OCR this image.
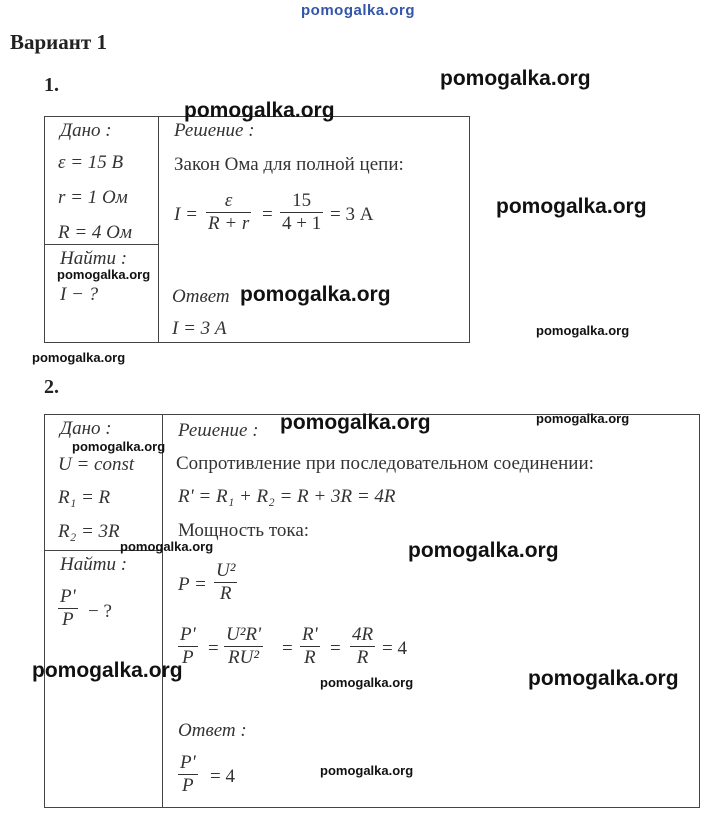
pomogalka.org
Вариант 1
1.
Дано :
ε = 15 В
r = 1 Ом
R = 4 Ом
Найти :
I − ?
Решение :
Закон Ома для полной цепи:
I =
ε
R + r =
15
4 + 1 = 3 А
Ответ
I = 3 А
2.
Дано :
U = const
R₁ = R
R₂ = 3R
Найти :
P'
P − ?
Решение :
Сопротивление при последовательном соединении:
R' = R₁ + R₂ = R + 3R = 4R
Мощность тока:
P =
U²
R
P'
P =
U²R'
RU² =
R'
R =
4R
R = 4
Ответ :
P'
P = 4
pomogalka.org
pomogalka.org
pomogalka.org
pomogalka.org
pomogalka.org
pomogalka.org
pomogalka.org
pomogalka.org	pomogalka.org
pomogalka.org
pomogalka.org	pomogalka.org
pomogalka.org
pomogalka.org	pomogalka.org
pomogalka.org
